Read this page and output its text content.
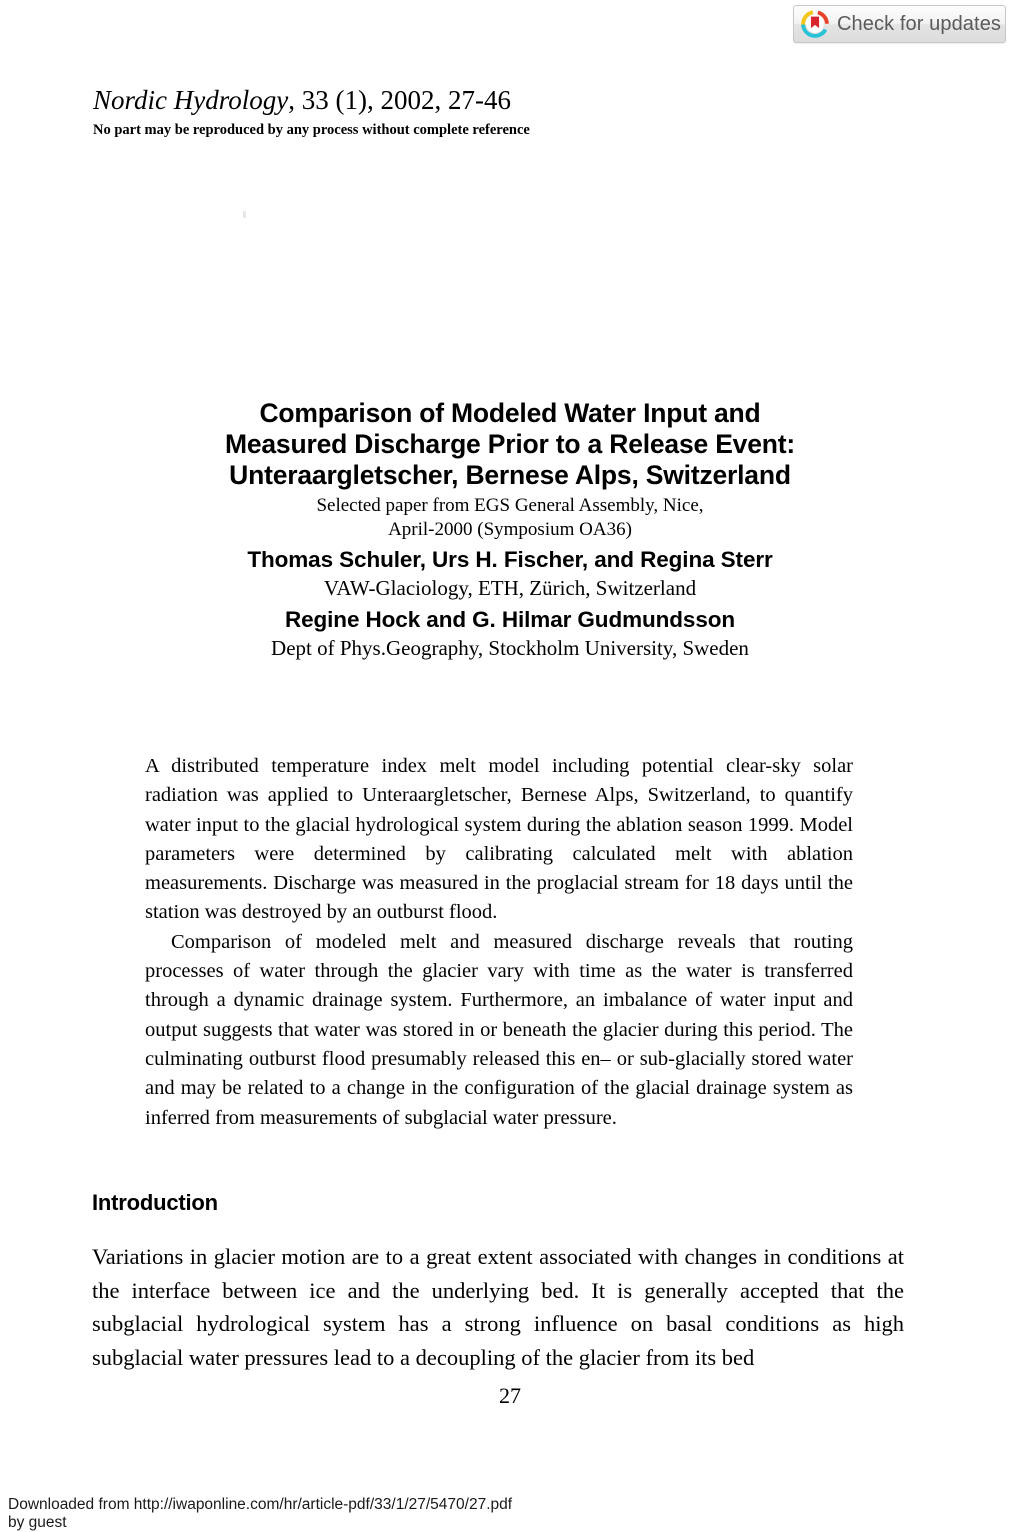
Check for updates
Nordic Hydrology, 33 (1), 2002, 27-46
No part may be reproduced by any process without complete reference
Comparison of Modeled Water Input and
Measured Discharge Prior to a Release Event:
Unteraargletscher, Bernese Alps, Switzerland
Selected paper from EGS General Assembly, Nice,
April-2000 (Symposium OA36)
Thomas Schuler, Urs H. Fischer, and Regina Sterr
VAW-Glaciology, ETH, Zürich, Switzerland
Regine Hock and G. Hilmar Gudmundsson
Dept of Phys.Geography, Stockholm University, Sweden

A distributed temperature index melt model including potential clear-sky solar radiation was applied to Unteraargletscher, Bernese Alps, Switzerland, to quantify water input to the glacial hydrological system during the ablation season 1999. Model parameters were determined by calibrating calculated melt with ablation measurements. Discharge was measured in the proglacial stream for 18 days until the station was destroyed by an outburst flood.

Comparison of modeled melt and measured discharge reveals that routing processes of water through the glacier vary with time as the water is transferred through a dynamic drainage system. Furthermore, an imbalance of water input and output suggests that water was stored in or beneath the glacier during this period. The culminating outburst flood presumably released this en– or sub-glacially stored water and may be related to a change in the configuration of the glacial drainage system as inferred from measurements of subglacial water pressure.

Introduction

Variations in glacier motion are to a great extent associated with changes in conditions at the interface between ice and the underlying bed. It is generally accepted that the subglacial hydrological system has a strong influence on basal conditions as high subglacial water pressures lead to a decoupling of the glacier from its bed

27
Downloaded from http://iwaponline.com/hr/article-pdf/33/1/27/5470/27.pdf
by guest
